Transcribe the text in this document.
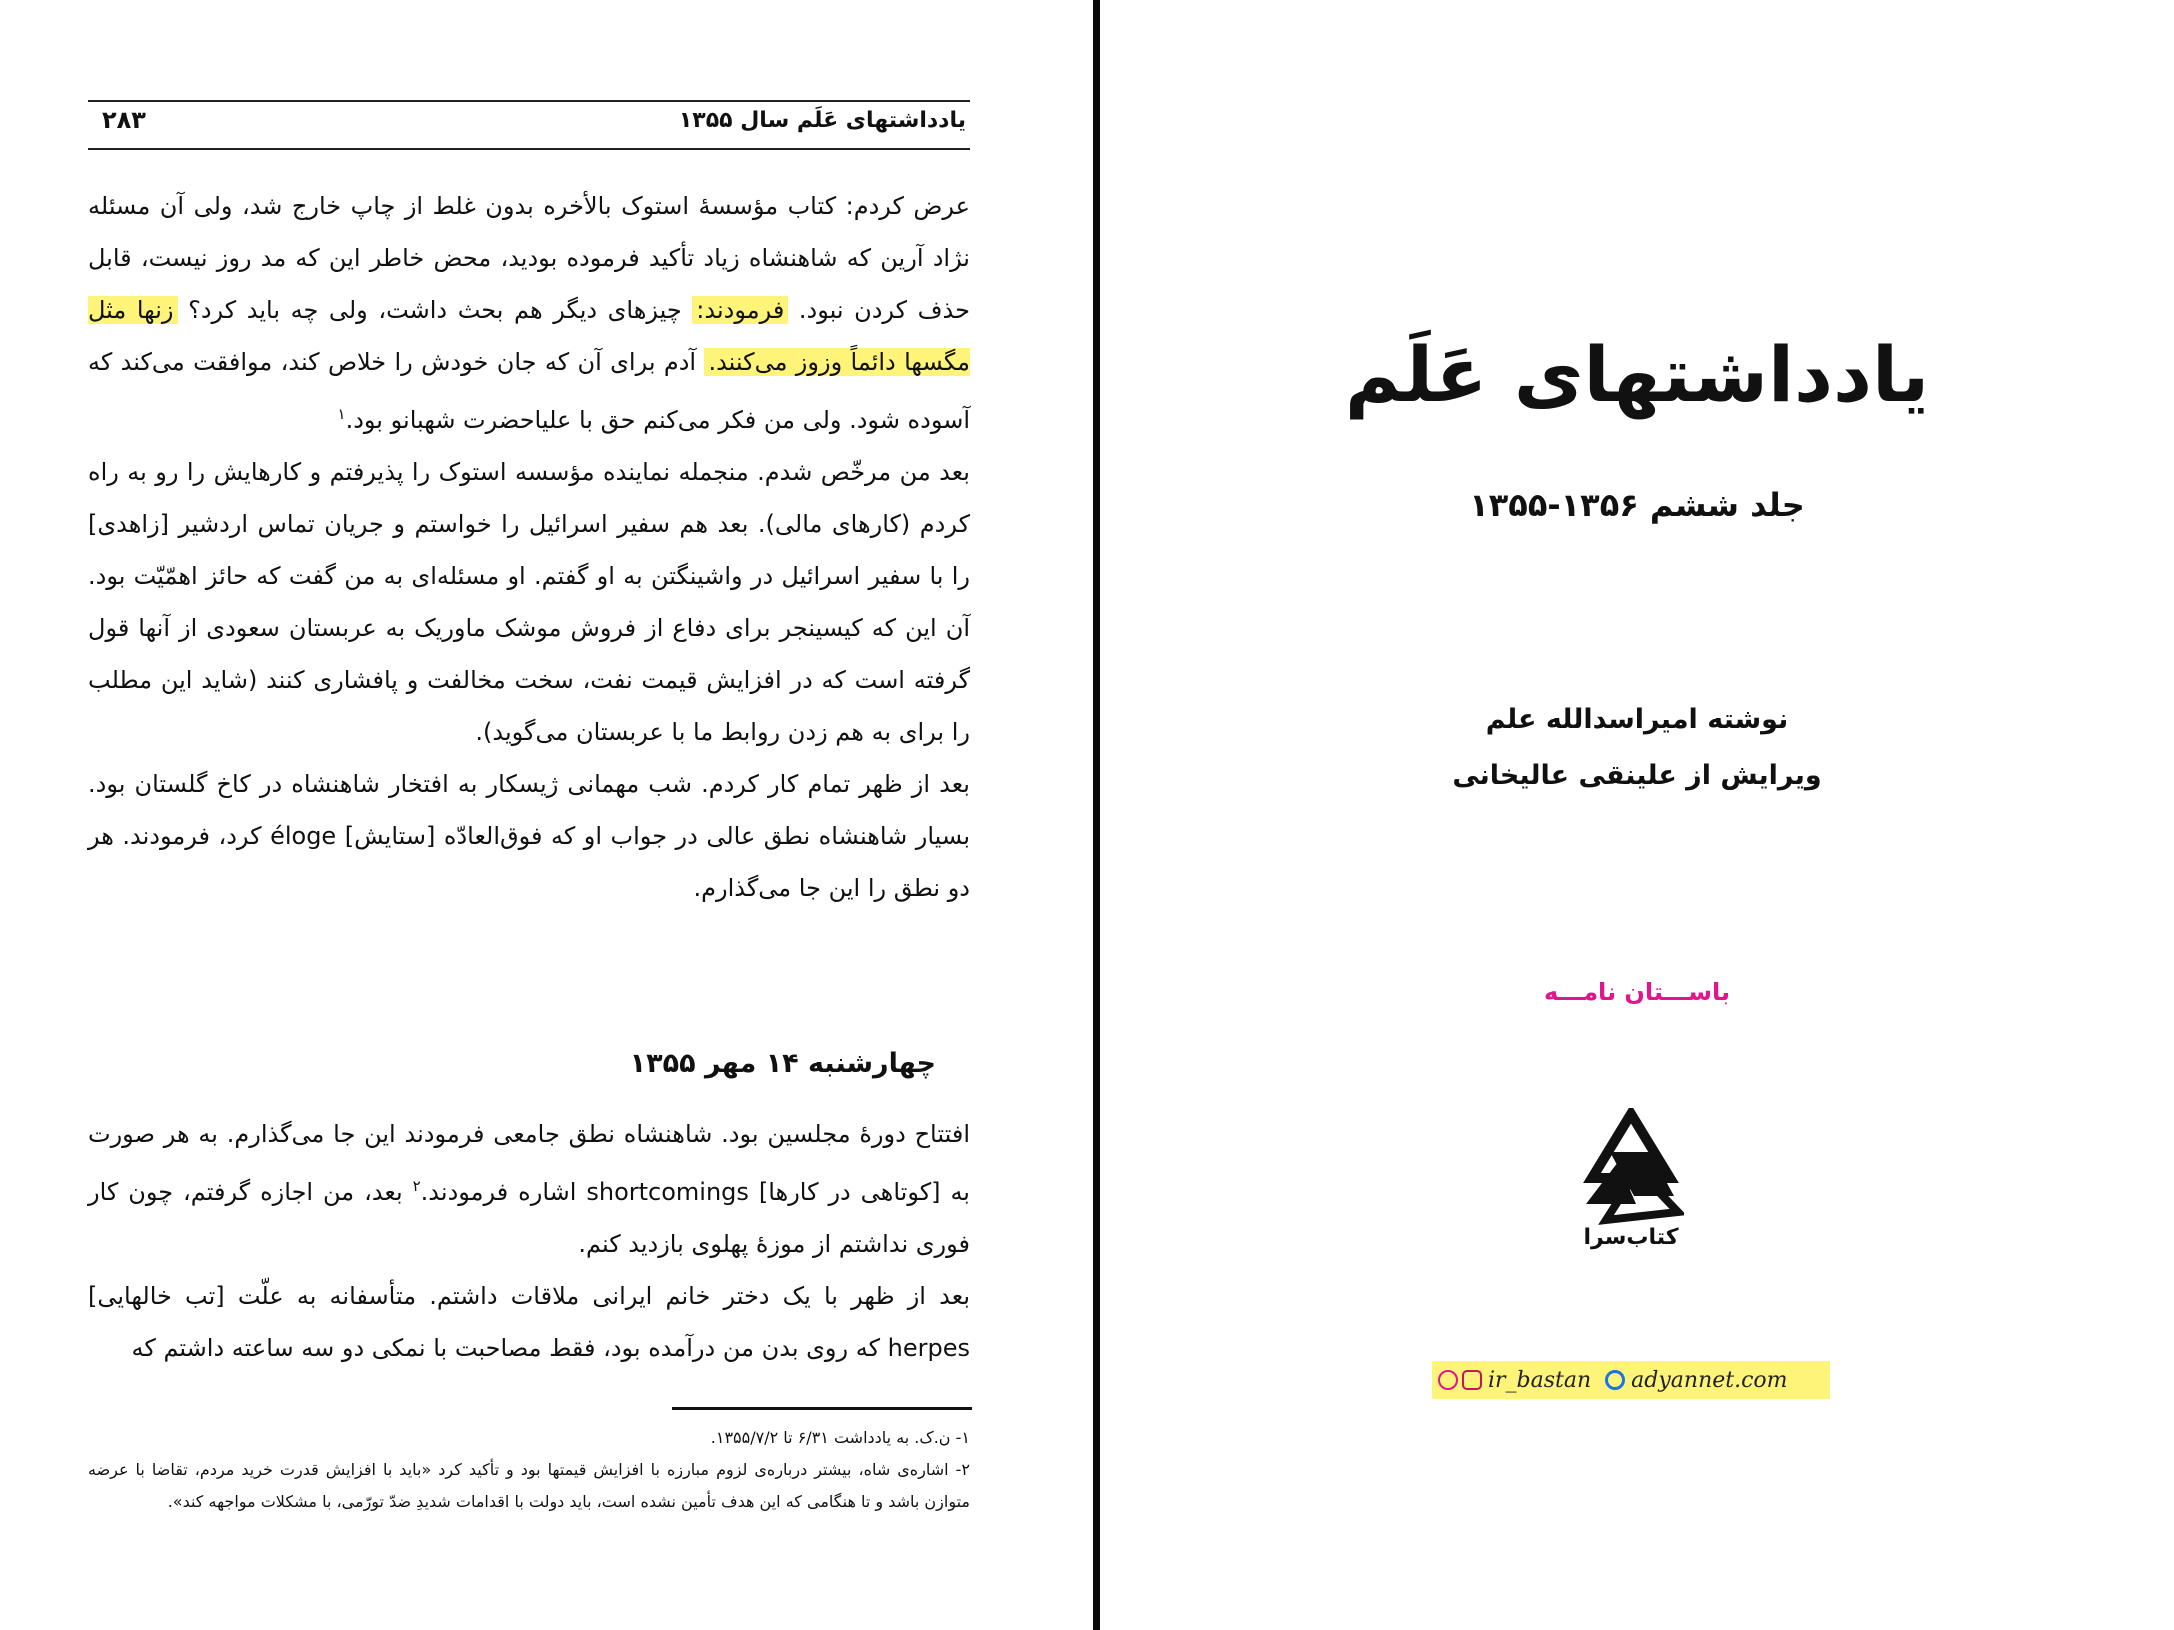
یادداشتهای عَلَم سال ۱۳۵۵
۲۸۳

عرض کردم: کتاب مؤسسهٔ استوک بالأخره بدون غلط از چاپ خارج شد، ولی آن مسئله نژاد آرین که شاهنشاه زیاد تأکید فرموده بودید، محض خاطر این که مد روز نیست، قابل حذف کردن نبود. فرمودند: چیزهای دیگر هم بحث داشت، ولی چه باید کرد؟ زنها مثل مگسها دائماً وزوز می‌کنند. آدم برای آن که جان خودش را خلاص کند، موافقت می‌کند که آسوده شود. ولی من فکر می‌کنم حق با علیاحضرت شهبانو بود.$^۱$

بعد من مرخّص شدم. منجمله نماینده مؤسسه استوک را پذیرفتم و کارهایش را رو به راه کردم (کارهای مالی). بعد هم سفیر اسرائیل را خواستم و جریان تماس اردشیر [زاهدی] را با سفیر اسرائیل در واشینگتن به او گفتم. او مسئله‌ای به من گفت که حائز اهمّیّت بود. آن این که کیسینجر برای دفاع از فروش موشک ماوریک به عربستان سعودی از آنها قول گرفته است که در افزایش قیمت نفت، سخت مخالفت و پافشاری کنند (شاید این مطلب را برای به هم زدن روابط ما با عربستان می‌گوید).

بعد از ظهر تمام کار کردم. شب مهمانی ژیسکار به افتخار شاهنشاه در کاخ گلستان بود. بسیار شاهنشاه نطق عالی در جواب او که فوق‌العادّه [ستایش] éloge کرد، فرمودند. هر دو نطق را این جا می‌گذارم.

چهارشنبه ۱۴ مهر ۱۳۵۵

افتتاح دورهٔ مجلسین بود. شاهنشاه نطق جامعی فرمودند این جا می‌گذارم. به هر صورت به [کوتاهی در کارها] shortcomings اشاره فرمودند.$^۲$ بعد، من اجازه گرفتم، چون کار فوری نداشتم از موزهٔ پهلوی بازدید کنم.

بعد از ظهر با یک دختر خانم ایرانی ملاقات داشتم. متأسفانه به علّت [تب خالهایی] herpes که روی بدن من درآمده بود، فقط مصاحبت با نمکی دو سه ساعته داشتم که

۱- ن.ک. به یادداشت ۶/۳۱ تا ۱۳۵۵/۷/۲.

۲- اشاره‌ی شاه، بیشتر درباره‌ی لزوم مبارزه با افزایش قیمتها بود و تأکید کرد «باید با افزایش قدرت خرید مردم، تقاضا با عرضه متوازن باشد و تا هنگامی که این هدف تأمین نشده است، باید دولت با اقدامات شدیدِ ضدّ تورّمی، با مشکلات مواجهه کند».

یادداشتهای عَلَم
جلد ششم ۱۳۵۶-۱۳۵۵
نوشته امیراسدالله علم
ویرایش از علینقی عالیخانی
باســـتان نامـــه
کتاب‌سرا
ir_bastan adyannet.com
